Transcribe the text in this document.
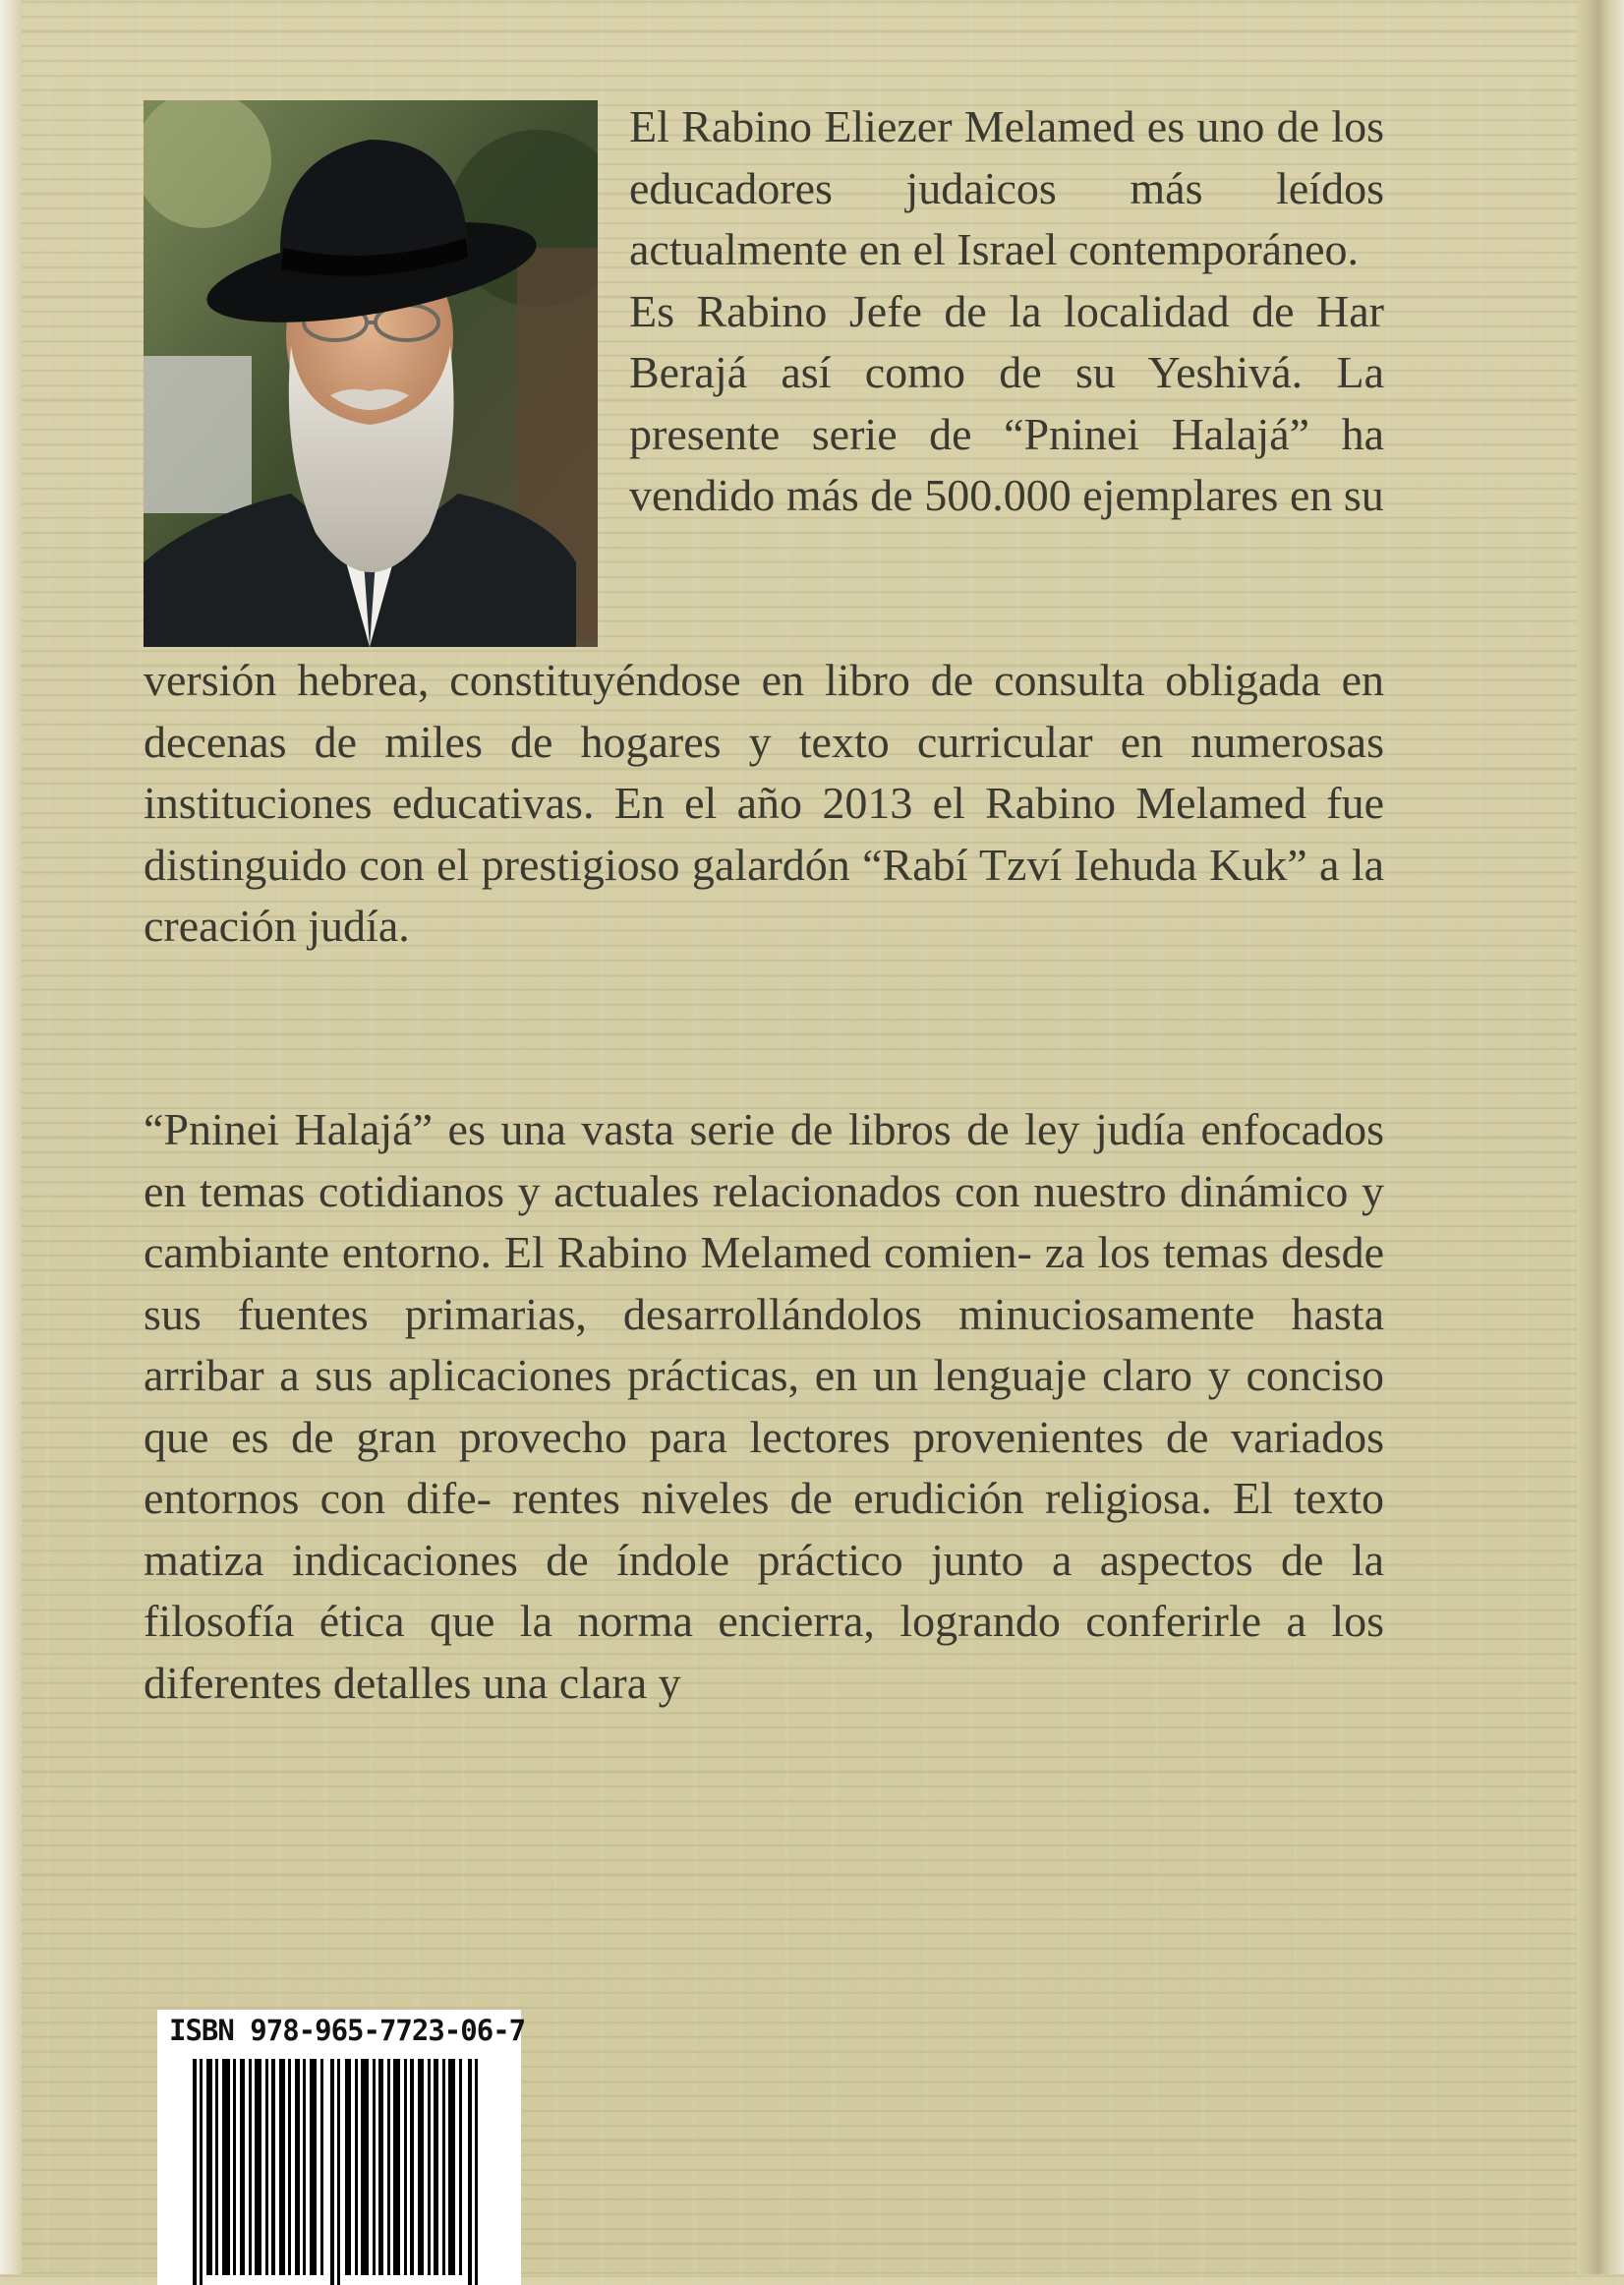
El Rabino Eliezer Melamed es uno de los educadores judaicos más leídos actualmente en el Israel contemporáneo.
Es Rabino Jefe de la localidad de Har Berajá así como de su Yeshivá. La presente serie de “Pninei Halajá” ha vendido más de 500.000 ejemplares en su

versión hebrea, constituyéndose en libro de consulta obligada en decenas de miles de hogares y texto curricular en numerosas instituciones educativas. En el año 2013 el Rabino Melamed fue distinguido con el prestigioso galardón “Rabí Tzví Iehuda Kuk” a la creación judía.

“Pninei Halajá” es una vasta serie de libros de ley judía enfocados en temas cotidianos y actuales relacionados con nuestro dinámico y cambiante entorno. El Rabino Melamed comien- za los temas desde sus fuentes primarias, desarrollándolos minuciosamente hasta arribar a sus aplicaciones prácticas, en un lenguaje claro y conciso que es de gran provecho para lectores provenientes de variados entornos con dife- rentes niveles de erudición religiosa. El texto matiza indicaciones de índole práctico junto a aspectos de la filosofía ética que la norma encierra, logrando conferirle a los diferentes detalles una clara y

ISBN 978-965-7723-06-7
